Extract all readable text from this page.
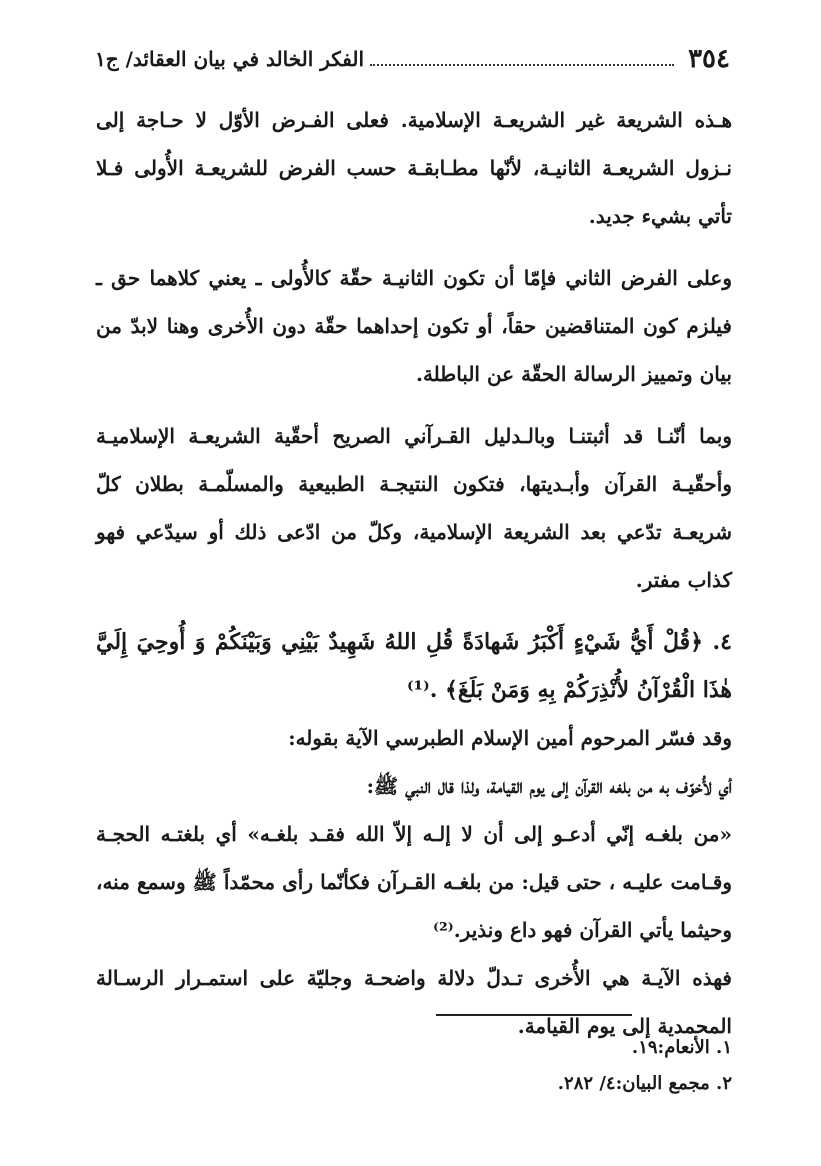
٣٥٤
الفكر الخالد في بيان العقائد/ ج١

هـذه الشريعة غير الشريعـة الإسلامية. فعلى الفـرض الأوّل لا حـاجة إلى نـزول الشريعـة الثانيـة، لأنّها مطـابقـة حسب الفرض للشريعـة الأُولى فـلا تأتي بشيء جديد.

وعلى الفرض الثاني فإمّا أن تكون الثانيـة حقّة كالأُولى ـ يعني كلاهما حق ـ فيلزم كون المتناقضين حقاً، أو تكون إحداهما حقّة دون الأُخرى وهنا لابدّ من بيان وتمييز الرسالة الحقّة عن الباطلة.

وبما أنّنـا قد أثبتنـا وبالـدليل القـرآني الصريح أحقّية الشريعـة الإسلاميـة وأحقّيـة القرآن وأبـديتها، فتكون النتيجـة الطبيعية والمسلّمـة بطلان كلّ شريعـة تدّعي بعد الشريعة الإسلامية، وكلّ من ادّعى ذلك أو سيدّعي فهو كذاب مفتر.

٤. ﴿قُلْ أَيُّ شَيْءٍ أَكْبَرُ شَهادَةً قُلِ اللهُ شَهِيدٌ بَيْنِي وَبَيْنَكُمْ وَ أُوحِيَ إِلَيَّ هٰذَا الْقُرْآنُ لأُنْذِرَكُمْ بِهِ وَمَنْ بَلَغَ﴾ .⁽¹⁾

وقد فسّر المرحوم أمين الإسلام الطبرسي الآية بقوله:

أي لأُخوّف به من بلغه القرآن إلى يوم القيامة، ولذا قال النبي ﷺ:

«من بلغـه إنّي أدعـو إلى أن لا إلـه إلاّ الله فقـد بلغـه» أي بلغتـه الحجـة وقـامت عليـه ، حتى قيل: من بلغـه القـرآن فكأنّما رأى محمّداً ﷺ وسمع منه، وحيثما يأتي القرآن فهو داع ونذير.⁽²⁾

فهذه الآيـة هي الأُخرى تـدلّ دلالة واضحـة وجليّة على استمـرار الرسـالة المحمدية إلى يوم القيامة.

١. الأنعام:١٩.
٢. مجمع البيان:٤/ ٢٨٢.
